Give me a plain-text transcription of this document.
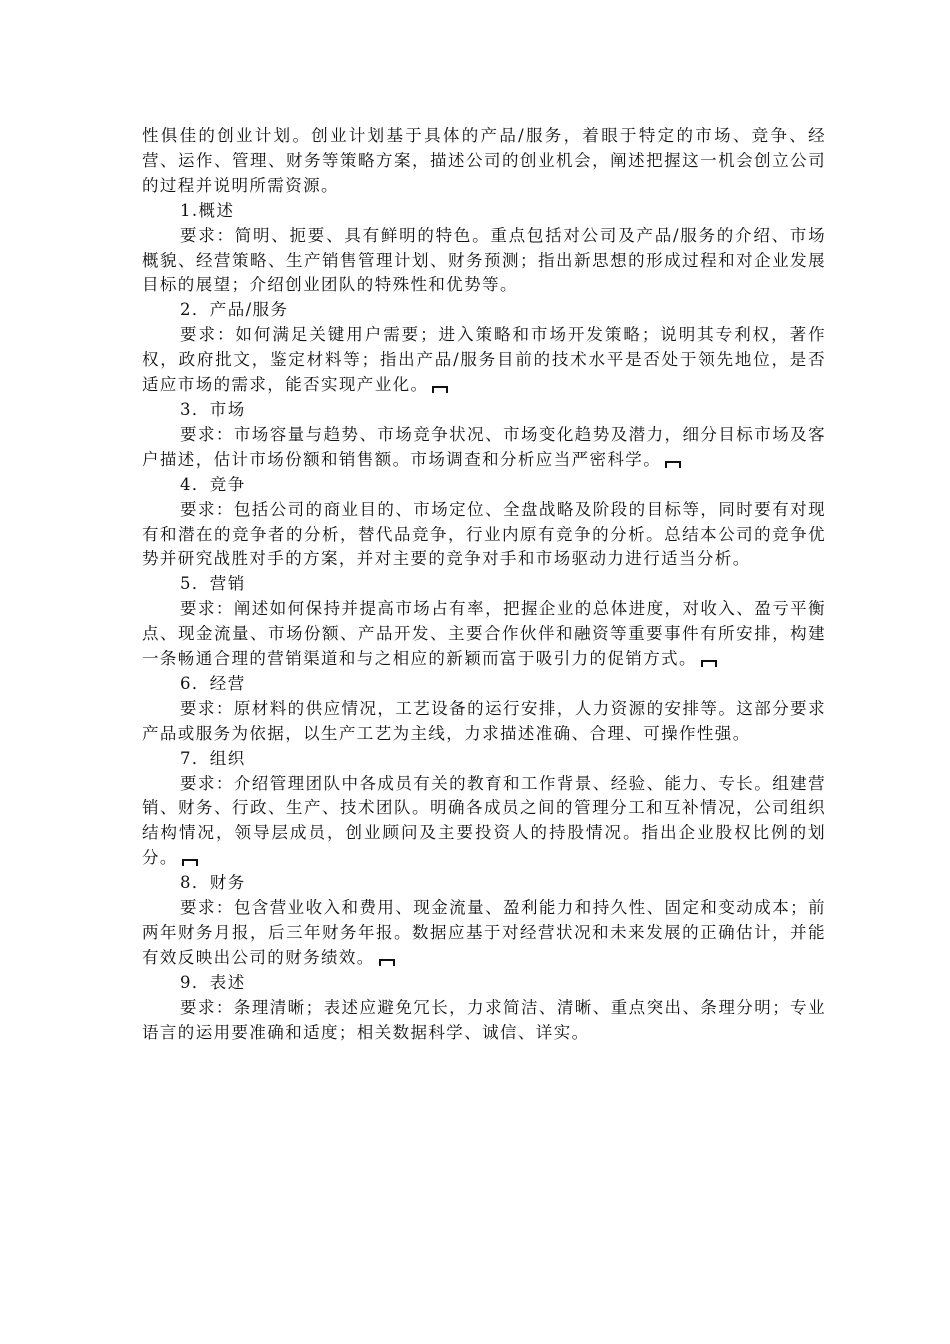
性俱佳的创业计划。创业计划基于具体的产品/服务，着眼于特定的市场、竞争、经营、运作、管理、财务等策略方案，描述公司的创业机会，阐述把握这一机会创立公司的过程并说明所需资源。

1.概述

要求：简明、扼要、具有鲜明的特色。重点包括对公司及产品/服务的介绍、市场概貌、经营策略、生产销售管理计划、财务预测；指出新思想的形成过程和对企业发展目标的展望；介绍创业团队的特殊性和优势等。

2．产品/服务

要求：如何满足关键用户需要；进入策略和市场开发策略；说明其专利权，著作权，政府批文，鉴定材料等；指出产品/服务目前的技术水平是否处于领先地位，是否适应市场的需求，能否实现产业化。

3．市场

要求：市场容量与趋势、市场竞争状况、市场变化趋势及潜力，细分目标市场及客户描述，估计市场份额和销售额。市场调查和分析应当严密科学。

4．竞争

要求：包括公司的商业目的、市场定位、全盘战略及阶段的目标等，同时要有对现有和潜在的竞争者的分析，替代品竞争，行业内原有竞争的分析。总结本公司的竞争优势并研究战胜对手的方案，并对主要的竞争对手和市场驱动力进行适当分析。

5．营销

要求：阐述如何保持并提高市场占有率，把握企业的总体进度，对收入、盈亏平衡点、现金流量、市场份额、产品开发、主要合作伙伴和融资等重要事件有所安排，构建一条畅通合理的营销渠道和与之相应的新颖而富于吸引力的促销方式。

6．经营

要求：原材料的供应情况，工艺设备的运行安排，人力资源的安排等。这部分要求产品或服务为依据，以生产工艺为主线，力求描述准确、合理、可操作性强。

7．组织

要求：介绍管理团队中各成员有关的教育和工作背景、经验、能力、专长。组建营销、财务、行政、生产、技术团队。明确各成员之间的管理分工和互补情况，公司组织结构情况，领导层成员，创业顾问及主要投资人的持股情况。指出企业股权比例的划分。

8．财务

要求：包含营业收入和费用、现金流量、盈利能力和持久性、固定和变动成本；前两年财务月报，后三年财务年报。数据应基于对经营状况和未来发展的正确估计，并能有效反映出公司的财务绩效。

9．表述

要求：条理清晰；表述应避免冗长，力求简洁、清晰、重点突出、条理分明；专业语言的运用要准确和适度；相关数据科学、诚信、详实。
